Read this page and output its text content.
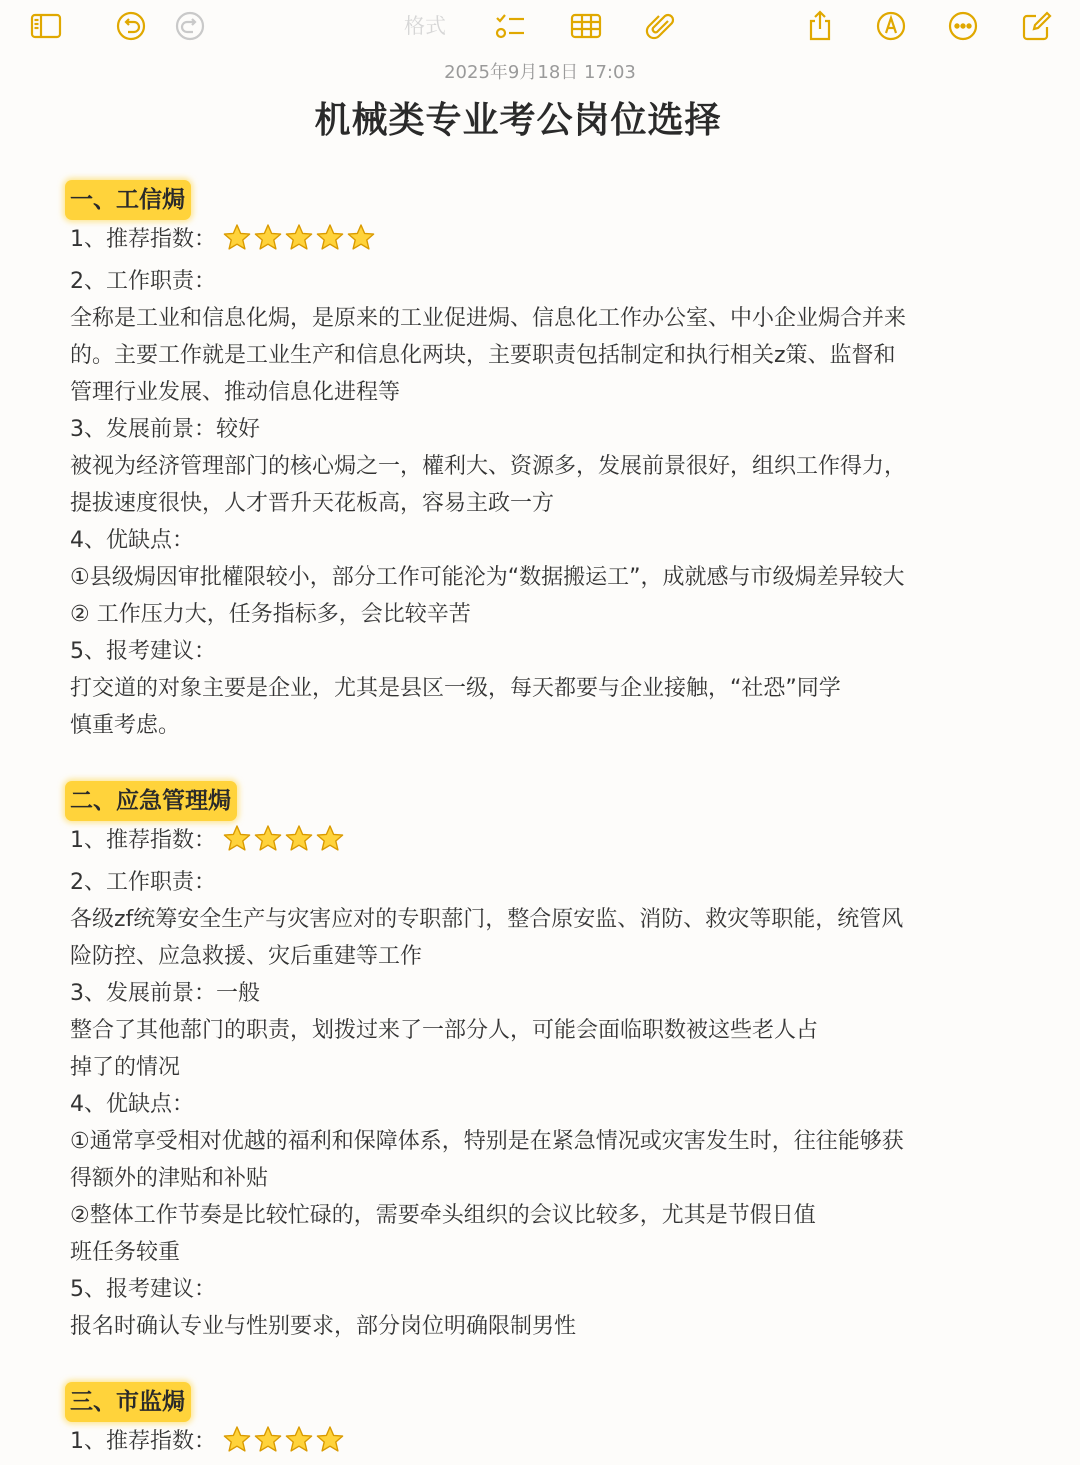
格式
2025年9月18日 17:03
机械类专业考公岗位选择
一、工信焗
1、推荐指数：
2、工作职责：
全称是工业和信息化焗，是原来的工业促进焗、信息化工作办公室、中小企业焗合并来
的。主要工作就是工业生产和信息化两块，主要职责包括制定和执行相关z策、监督和
管理行业发展、推动信息化进程等
3、发展前景：较好
被视为经济管理部门的核心焗之一，權利大、资源多，发展前景很好，组织工作得力，
提拔速度很快，人才晋升天花板高，容易主政一方
4、优缺点：
①县级焗因审批權限较小，部分工作可能沦为“数据搬运工”，成就感与市级焗差异较大
② 工作压力大，任务指标多，会比较辛苦
5、报考建议：
打交道的对象主要是企业，尤其是县区一级，每天都要与企业接触，“社恐”同学
慎重考虑。
二、应急管理焗
1、推荐指数：
2、工作职责：
各级zf统筹安全生产与灾害应对的专职蔀门，整合原安监、消防、救灾等职能，统管风
险防控、应急救援、灾后重建等工作
3、发展前景：一般
整合了其他蔀门的职责，划拨过来了一部分人，可能会面临职数被这些老人占
掉了的情况
4、优缺点：
①通常享受相对优越的福利和保障体系，特别是在紧急情况或灾害发生时，往往能够获
得额外的津贴和补贴
②整体工作节奏是比较忙碌的，需要牵头组织的会议比较多，尤其是节假日值
班任务较重
5、报考建议：
报名时确认专业与性别要求，部分岗位明确限制男性
三、市监焗
1、推荐指数：
